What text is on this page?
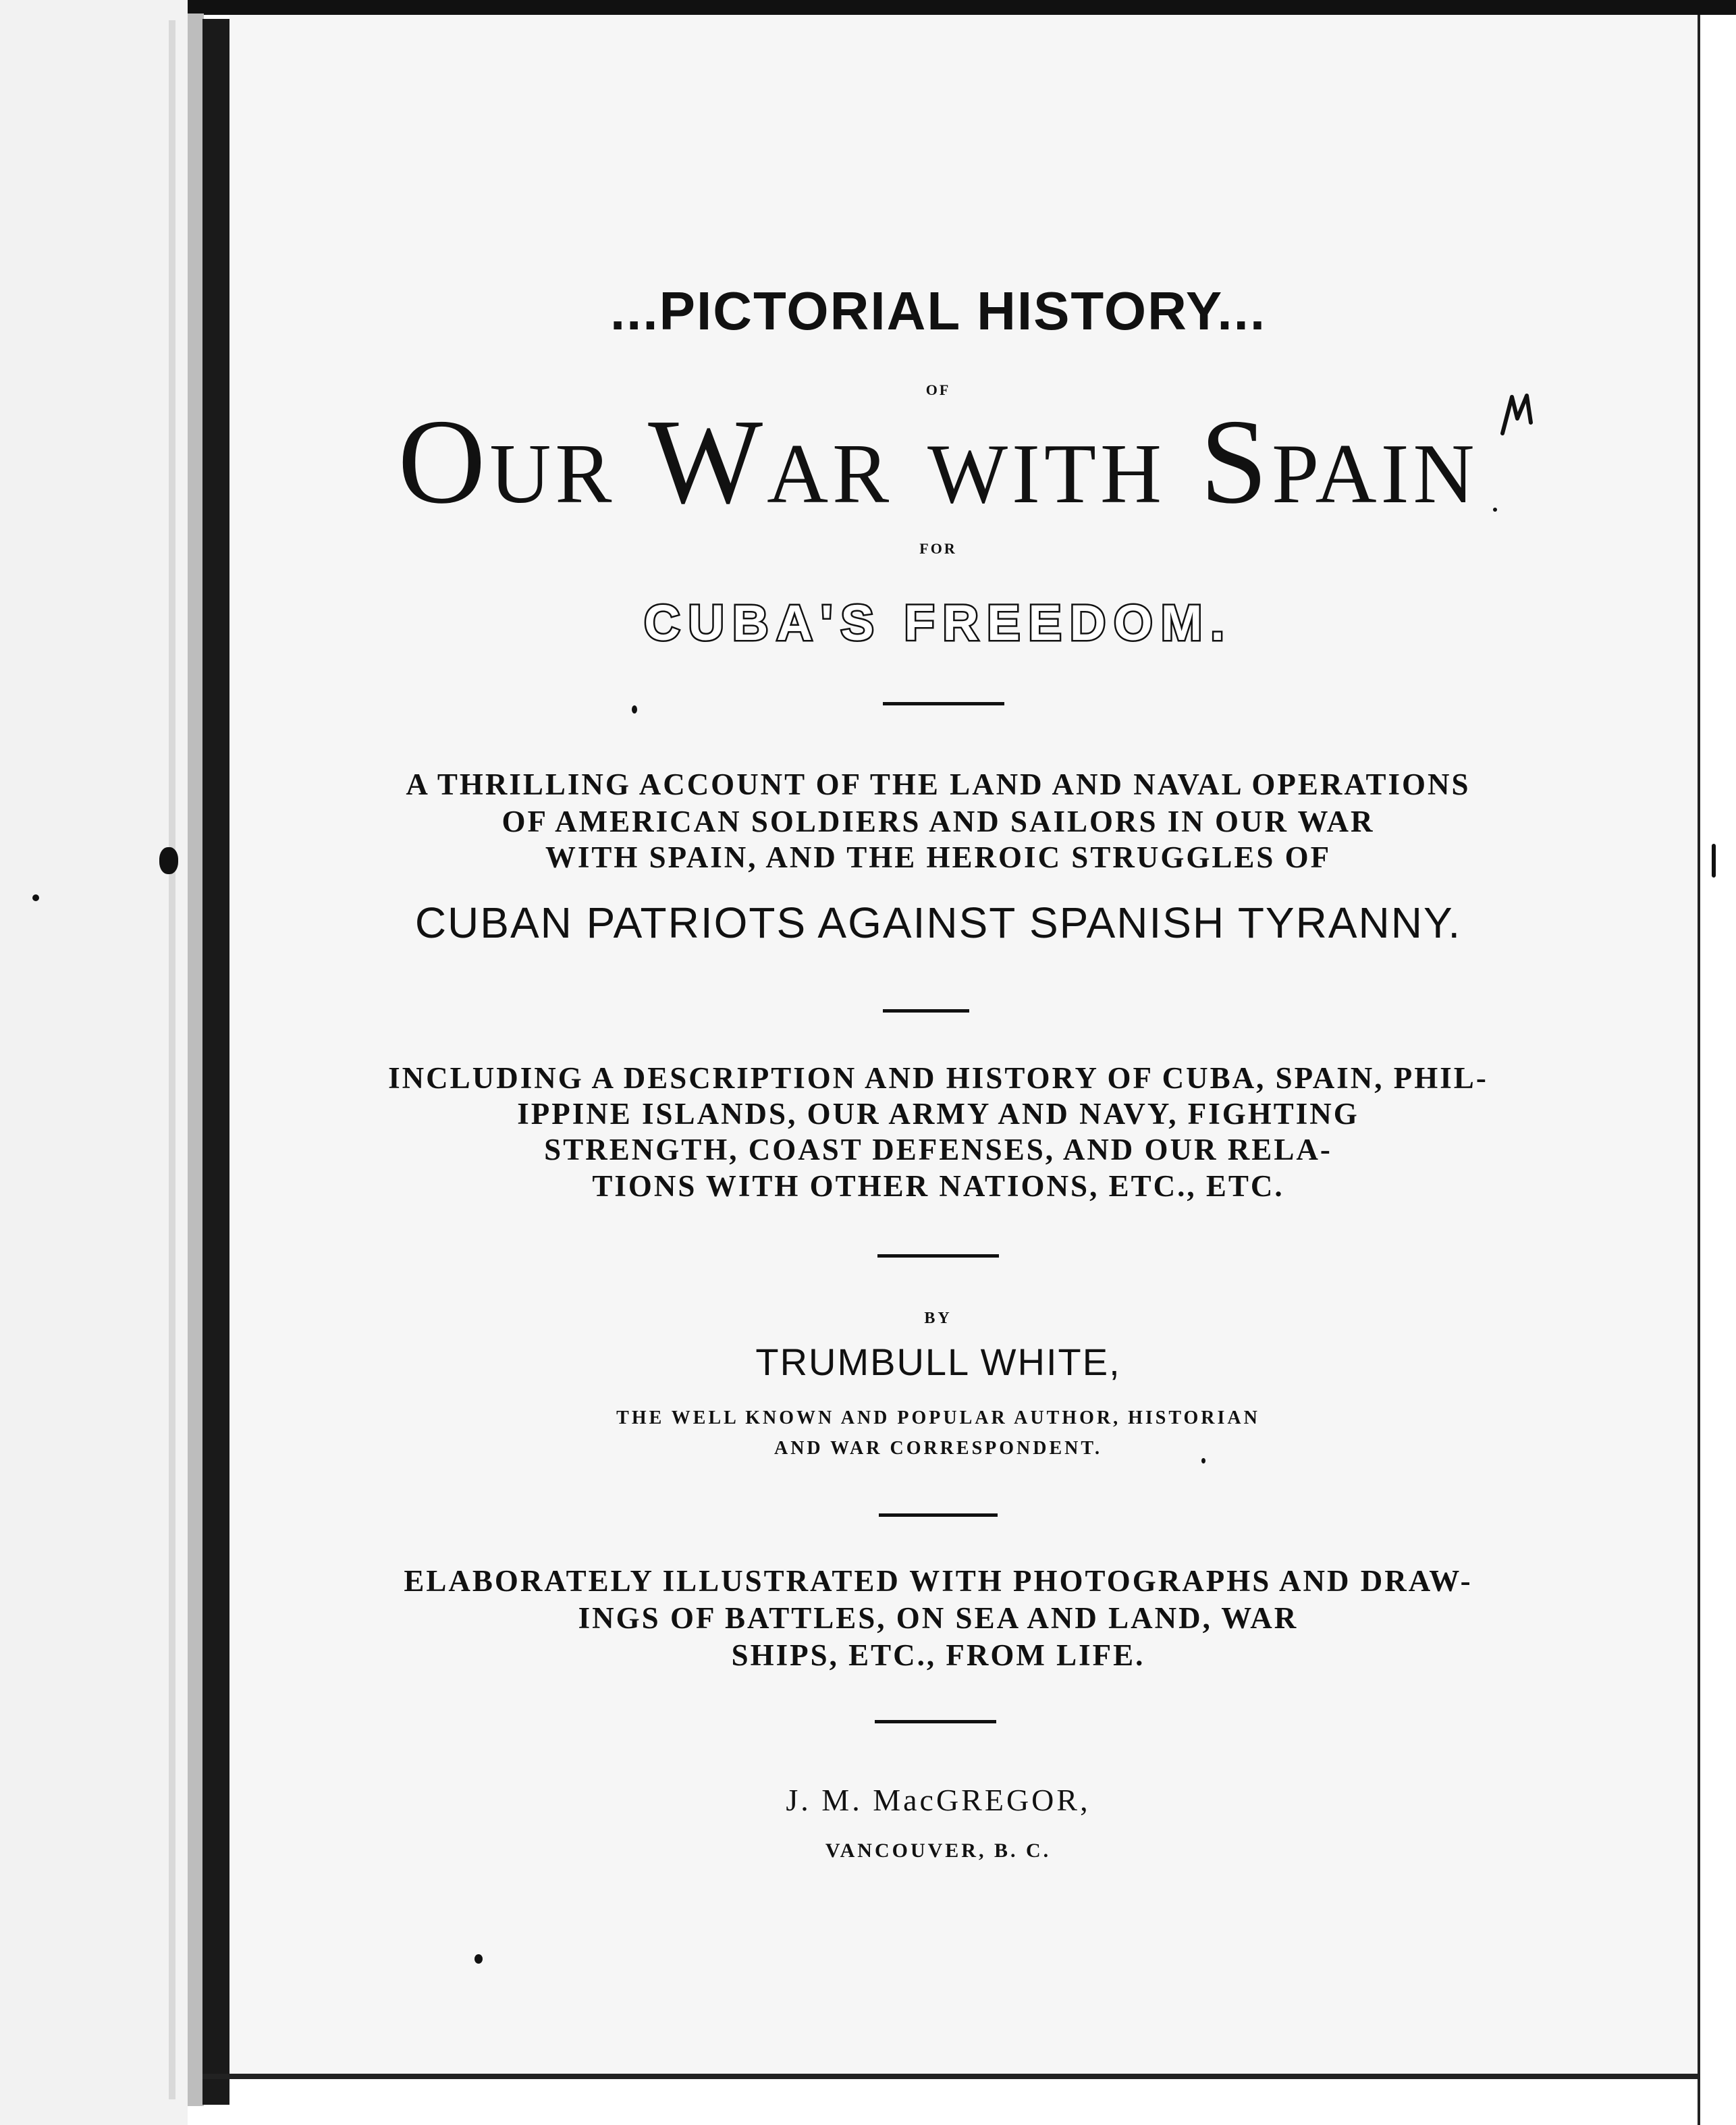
...PICTORIAL HISTORY...
OF
Our War with Spain
FOR
CUBA'S FREEDOM.
A THRILLING ACCOUNT OF THE LAND AND NAVAL OPERATIONS
OF AMERICAN SOLDIERS AND SAILORS IN OUR WAR
WITH SPAIN, AND THE HEROIC STRUGGLES OF
CUBAN PATRIOTS AGAINST SPANISH TYRANNY.
INCLUDING A DESCRIPTION AND HISTORY OF CUBA, SPAIN, PHIL-
IPPINE ISLANDS, OUR ARMY AND NAVY, FIGHTING
STRENGTH, COAST DEFENSES, AND OUR RELA-
TIONS WITH OTHER NATIONS, ETC., ETC.
BY
TRUMBULL WHITE,
THE WELL KNOWN AND POPULAR AUTHOR, HISTORIAN
AND WAR CORRESPONDENT.
ELABORATELY ILLUSTRATED WITH PHOTOGRAPHS AND DRAW-
INGS OF BATTLES, ON SEA AND LAND, WAR
SHIPS, ETC., FROM LIFE.
J. M. MacGREGOR,
VANCOUVER, B. C.
